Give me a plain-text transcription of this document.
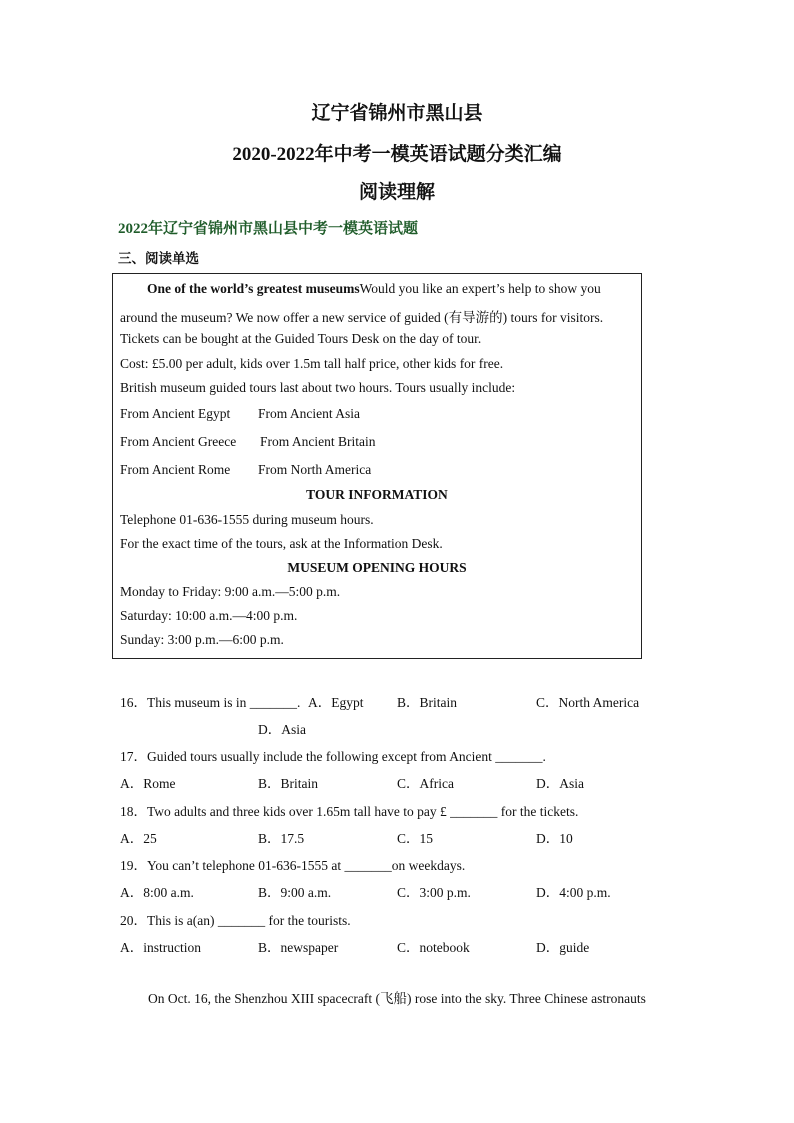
辽宁省锦州市黑山县
2020-2022年中考一模英语试题分类汇编
阅读理解
2022年辽宁省锦州市黑山县中考一模英语试题
三、阅读单选
One of the world’s greatest museumsWould you like an expert’s help to show you
around the museum? We now offer a new service of guided (有导游的) tours for visitors.
Tickets can be bought at the Guided Tours Desk on the day of tour.
Cost: £5.00 per adult, kids over 1.5m tall half price, other kids for free.
British museum guided tours last about two hours. Tours usually include:
From Ancient Egypt From Ancient Asia
From Ancient Greece From Ancient Britain
From Ancient Rome From North America
TOUR INFORMATION
Telephone 01-636-1555 during museum hours.
For the exact time of the tours, ask at the Information Desk.
MUSEUM OPENING HOURS
Monday to Friday: 9:00 a.m.—5:00 p.m.
Saturday: 10:00 a.m.—4:00 p.m.
Sunday: 3:00 p.m.—6:00 p.m.
16．This museum is in _______. A．Egypt B．Britain	C．North America
D．Asia
17．Guided tours usually include the following except from Ancient _______.
A．Rome	B．Britain	C．Africa	D．Asia
18．Two adults and three kids over 1.65m tall have to pay £ _______ for the tickets.
A．25	B．17.5	C．15	D．10
19．You can’t telephone 01-636-1555 at _______on weekdays.
A．8:00 a.m.	B．9:00 a.m.	C．3:00 p.m.	D．4:00 p.m.
20．This is a(an) _______ for the tourists.
A．instruction	B．newspaper	C．notebook	D．guide
On Oct. 16, the Shenzhou XIII spacecraft (飞船) rose into the sky. Three Chinese astronauts
